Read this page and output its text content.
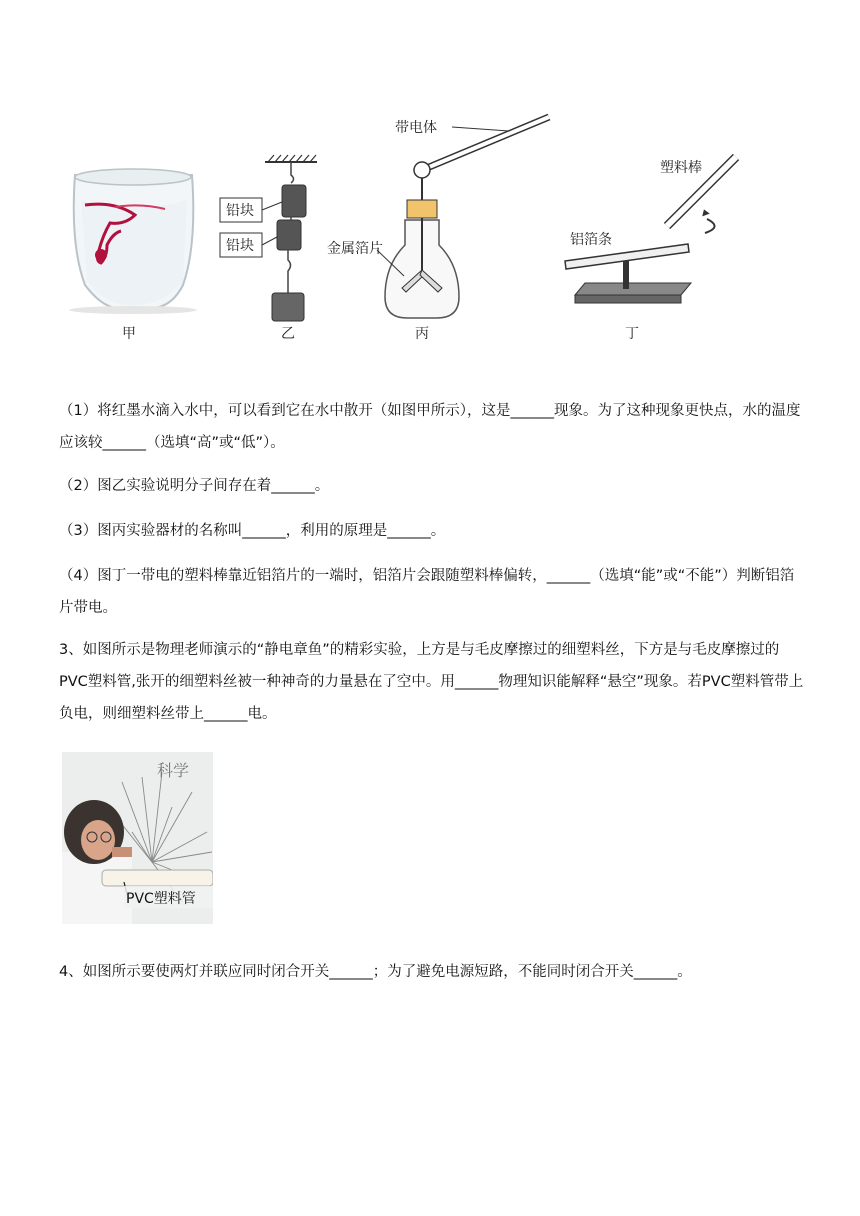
铅块
铅块
带电体
金属箔片
塑料棒
铝箔条
甲	乙	丙	丁
（1）将红墨水滴入水中，可以看到它在水中散开（如图甲所示），这是______现象。为了这种现象更快点，水的温度应该较______（选填“高”或“低”）。
（2）图乙实验说明分子间存在着______。
（3）图丙实验器材的名称叫______，利用的原理是______。
（4）图丁一带电的塑料棒靠近铝箔片的一端时，铝箔片会跟随塑料棒偏转，______（选填“能”或“不能”）判断铝箔片带电。
3、如图所示是物理老师演示的“静电章鱼”的精彩实验，上方是与毛皮摩擦过的细塑料丝，下方是与毛皮摩擦过的PVC塑料管,张开的细塑料丝被一种神奇的力量悬在了空中。用______物理知识能解释“悬空”现象。若PVC塑料管带上负电，则细塑料丝带上______电。
科学
PVC塑料管
4、如图所示要使两灯并联应同时闭合开关______；为了避免电源短路，不能同时闭合开关______。
